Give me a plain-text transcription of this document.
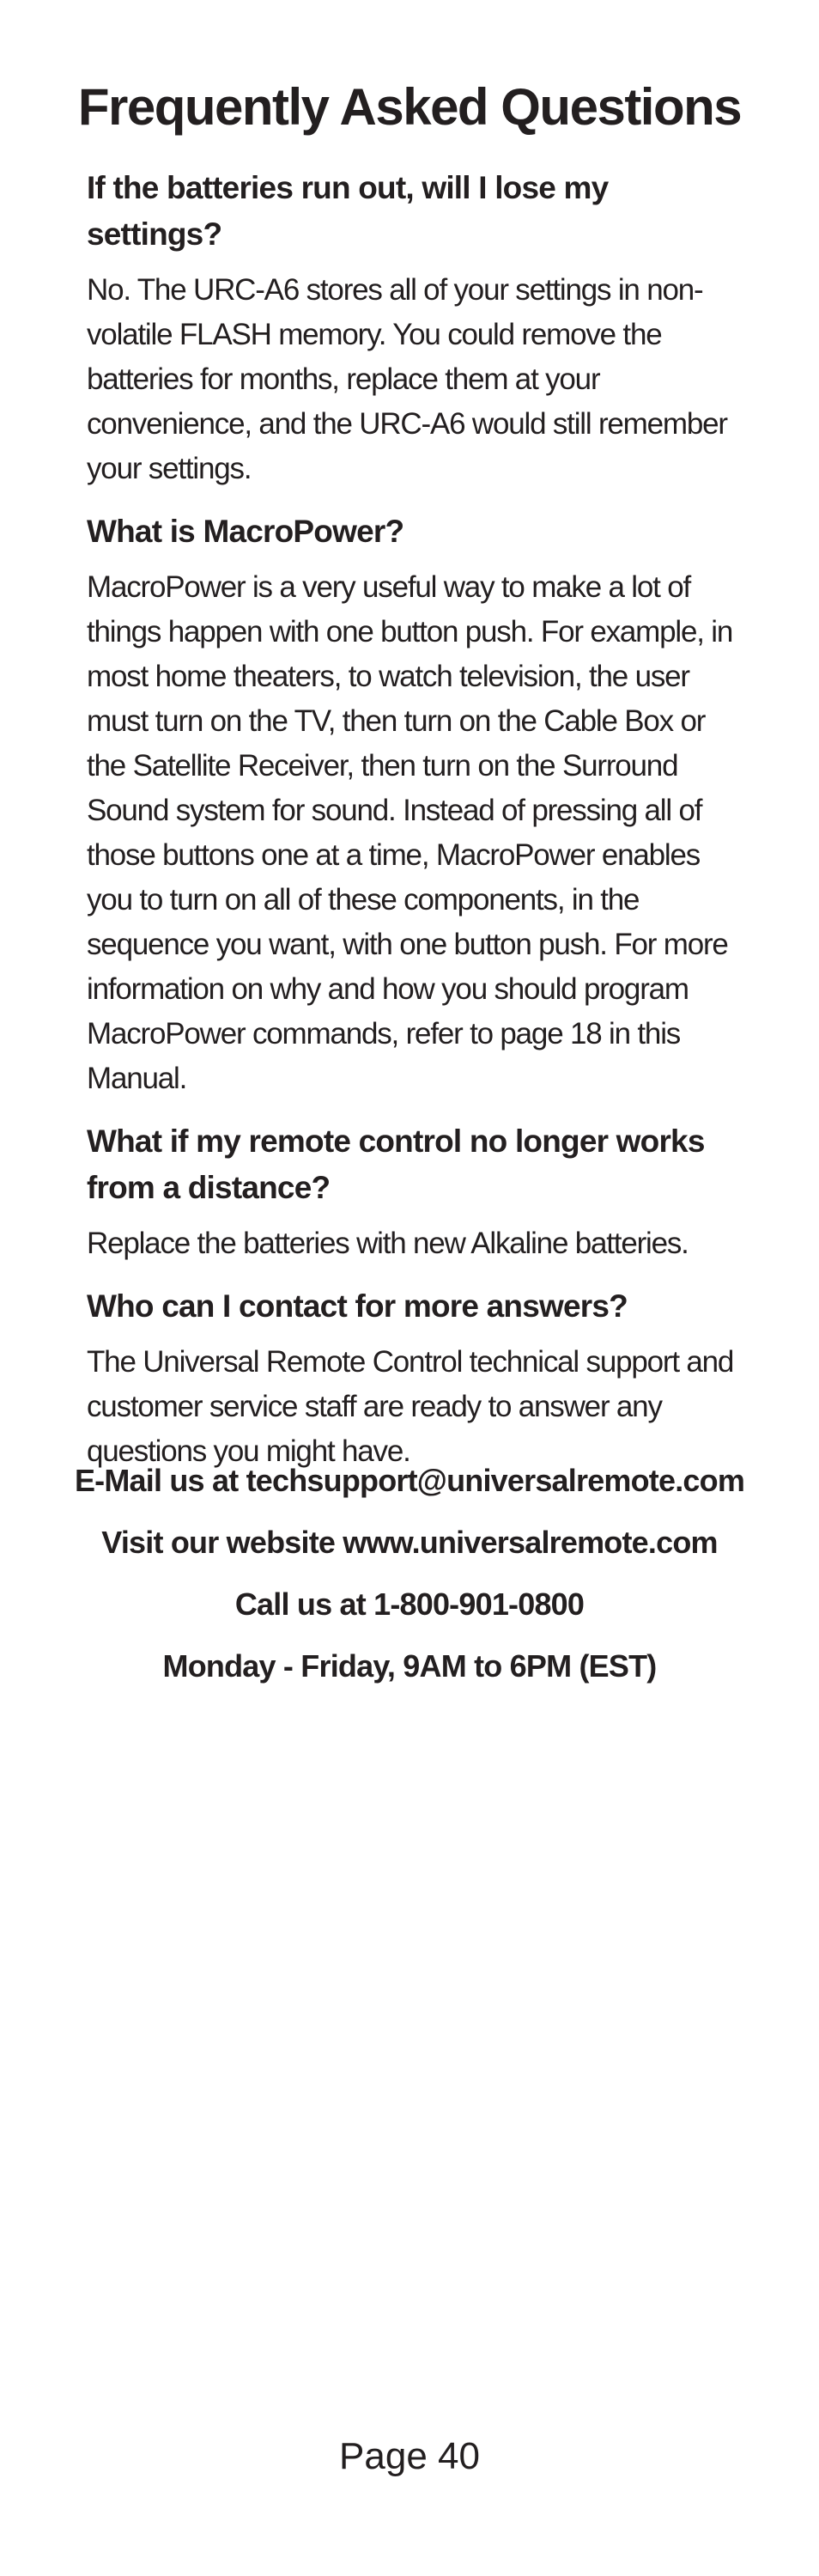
Frequently Asked Questions

If the batteries run out, will I lose my settings?

No. The URC-A6 stores all of your settings in non-volatile FLASH memory. You could remove the batteries for months, replace them at your convenience, and the URC-A6 would still remember your settings.

What is MacroPower?

MacroPower is a very useful way to make a lot of things happen with one button push. For example, in most home theaters, to watch television, the user must turn on the TV, then turn on the Cable Box or the Satellite Receiver, then turn on the Surround Sound system for sound. Instead of pressing all of those buttons one at a time, MacroPower enables you to turn on all of these components, in the sequence you want, with one button push. For more information on why and how you should program MacroPower commands, refer to page 18 in this Manual.

What if my remote control no longer works from a distance?

Replace the batteries with new Alkaline batteries.

Who can I contact for more answers?

The Universal Remote Control technical support and customer service staff are ready to answer any questions you might have.

E-Mail us at techsupport@universalremote.com

Visit our website www.universalremote.com

Call us at 1-800-901-0800

Monday - Friday, 9AM to 6PM (EST)

Page 40
